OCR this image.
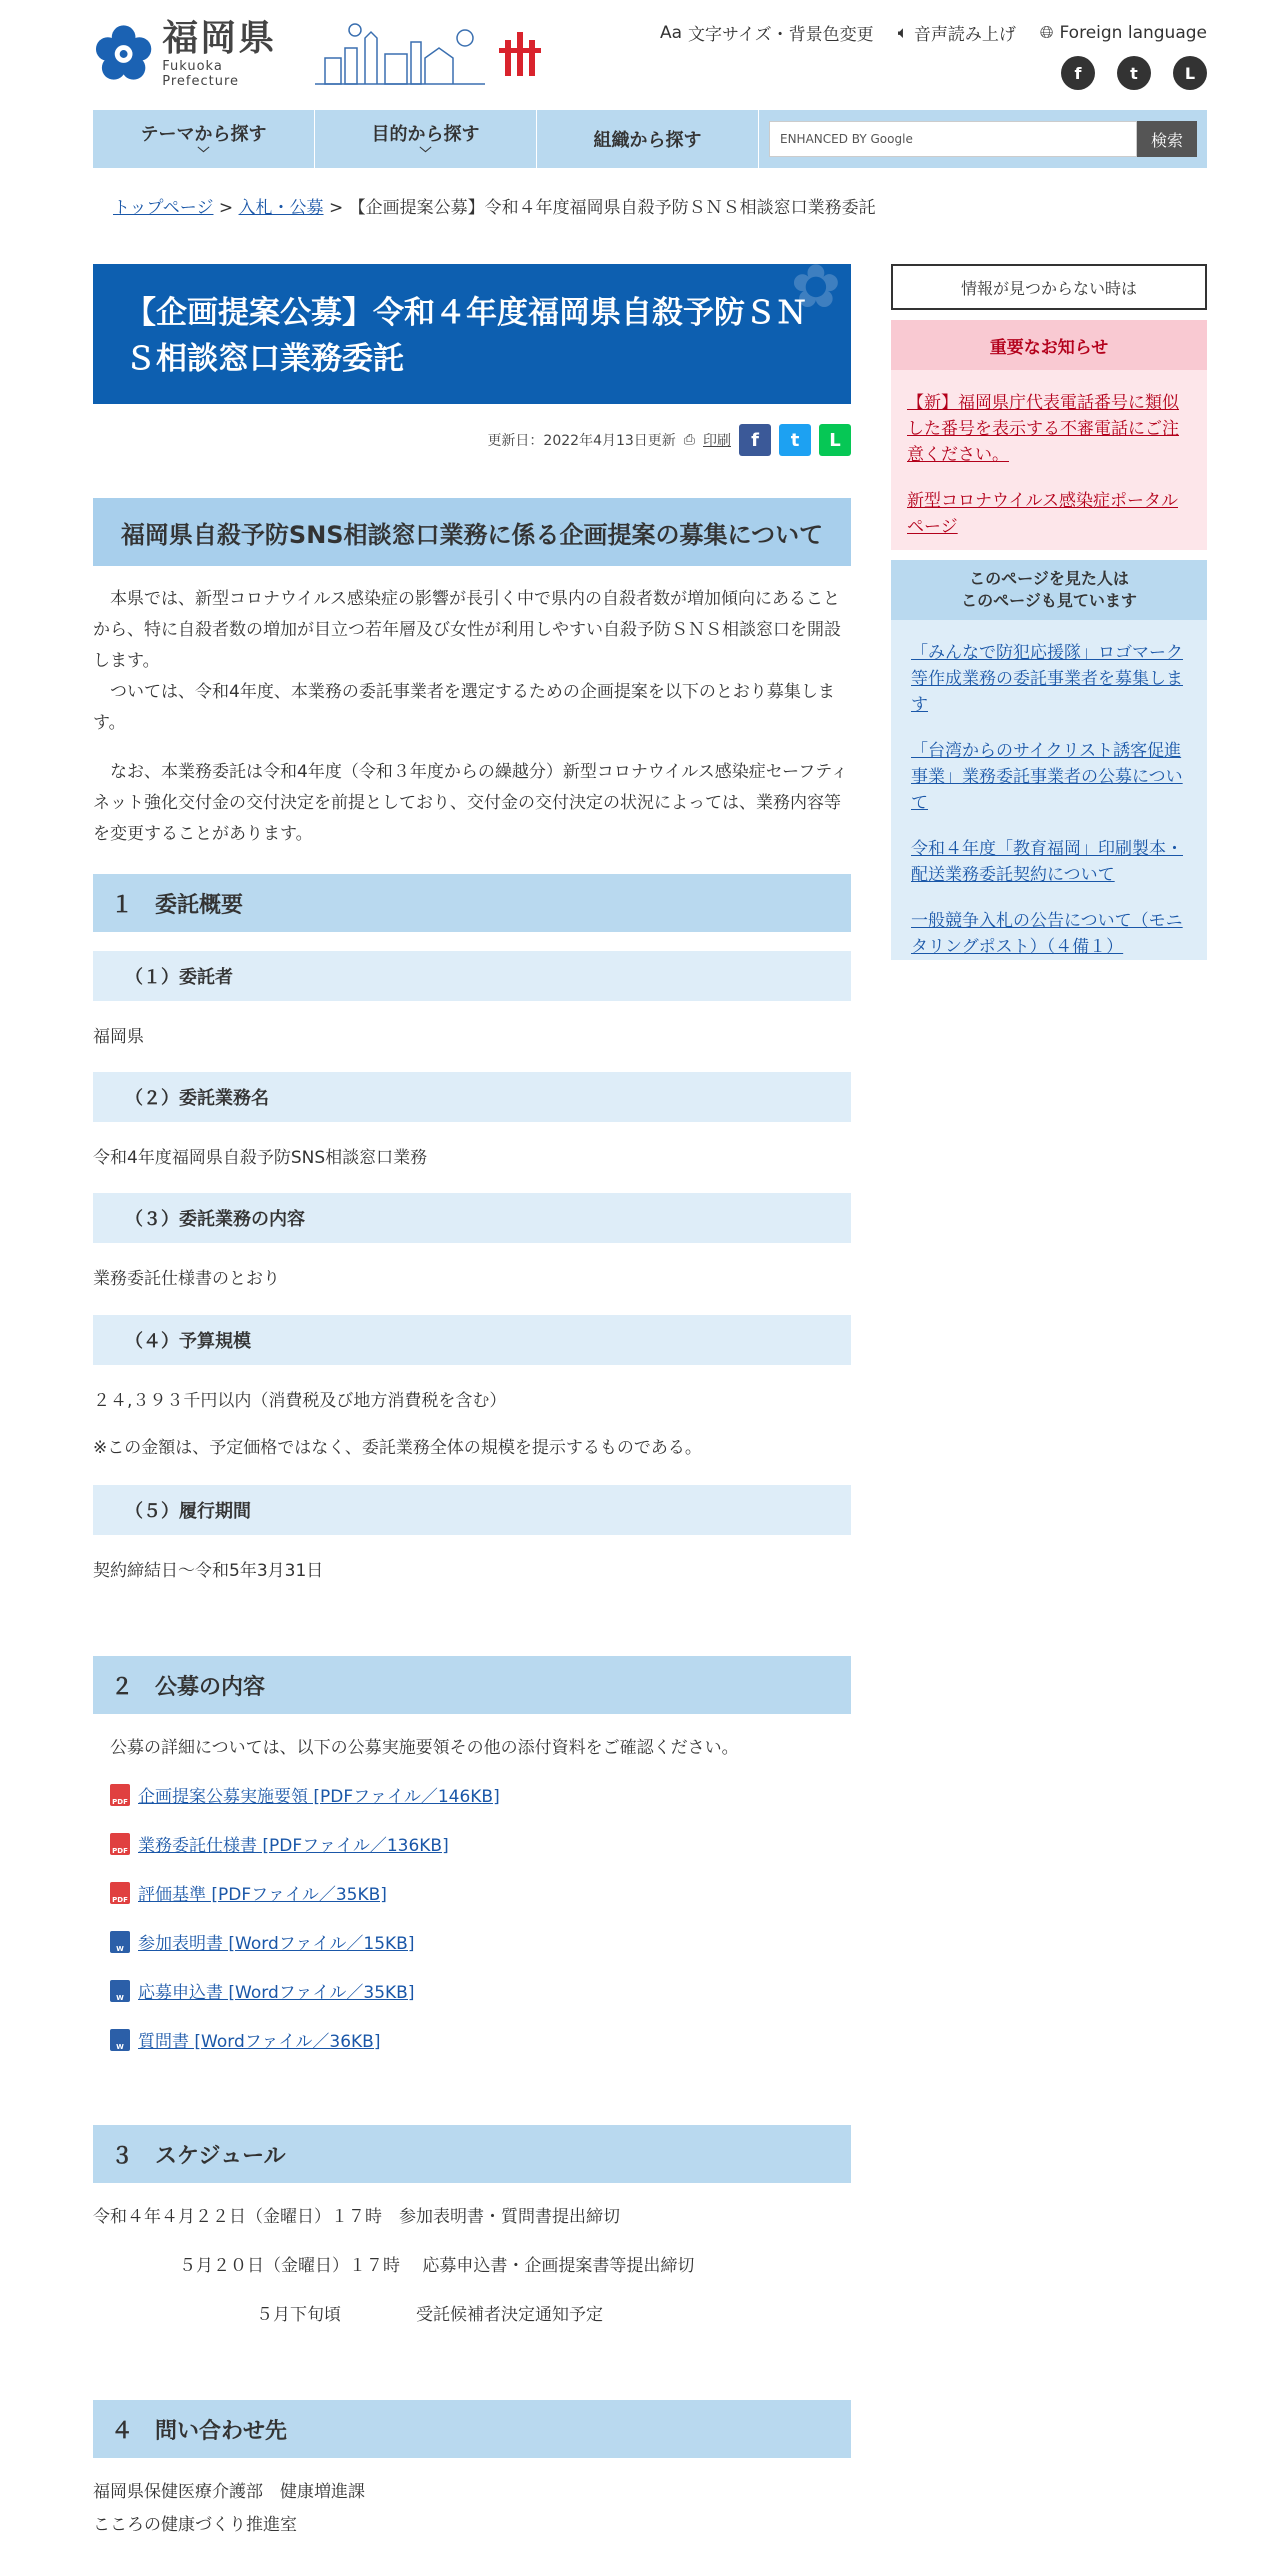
福岡県
Fukuoka Prefecture
Aa 文字サイズ・背景色変更 🔈︎ 音声読み上げ 🌐︎ Foreign language
f	t	L
テーマから探す
﹀
目的から探す
﹀
組織から探す	ENHANCED BY Google	検索
トップページ > 入札・公募 > 【企画提案公募】令和４年度福岡県自殺予防ＳＮＳ相談窓口業務委託
【企画提案公募】令和４年度福岡県自殺予防ＳＮＳ相談窓口業務委託
✿
更新日：2022年4月13日更新 ⎙ 印刷	f	t	L
福岡県自殺予防SNS相談窓口業務に係る企画提案の募集について

　本県では、新型コロナウイルス感染症の影響が長引く中で県内の自殺者数が増加傾向にあることから、特に自殺者数の増加が目立つ若年層及び女性が利用しやすい自殺予防ＳＮＳ相談窓口を開設します。

　ついては、令和4年度、本業務の委託事業者を選定するための企画提案を以下のとおり募集します。

　なお、本業務委託は令和4年度（令和３年度からの繰越分）新型コロナウイルス感染症セーフティネット強化交付金の交付決定を前提としており、交付金の交付決定の状況によっては、業務内容等を変更することがあります。

１　委託概要
（１）委託者

福岡県

（２）委託業務名

令和4年度福岡県自殺予防SNS相談窓口業務

（３）委託業務の内容

業務委託仕様書のとおり

（４）予算規模

２４,３９３千円以内（消費税及び地方消費税を含む）

※この金額は、予定価格ではなく、委託業務全体の規模を提示するものである。

（５）履行期間

契約締結日～令和5年3月31日

２　公募の内容

　公募の詳細については、以下の公募実施要領その他の添付資料をご確認ください。

PDF 企画提案公募実施要領 [PDFファイル／146KB]
PDF 業務委託仕様書 [PDFファイル／136KB]
PDF 評価基準 [PDFファイル／35KB]
W 参加表明書 [Wordファイル／15KB]
W 応募申込書 [Wordファイル／35KB]
W 質問書 [Wordファイル／36KB]
３　スケジュール

令和４年４月２２日（金曜日）１７時　参加表明書・質問書提出締切

５月２０日（金曜日）１７時　 応募申込書・企画提案書等提出締切

５月下旬頃	受託候補者決定通知予定

４　問い合わせ先

福岡県保健医療介護部　健康増進課

こころの健康づくり推進室

情報が見つからない時は
重要なお知らせ
【新】福岡県庁代表電話番号に類似した番号を表示する不審電話にご注意ください。
新型コロナウイルス感染症ポータルページ
このページを見た人は
このページも見ています
「みんなで防犯応援隊」ロゴマーク等作成業務の委託事業者を募集します
「台湾からのサイクリスト誘客促進事業」業務委託事業者の公募について
令和４年度「教育福岡」印刷製本・配送業務委託契約について
一般競争入札の公告について（モニタリングポスト）（４備１）
